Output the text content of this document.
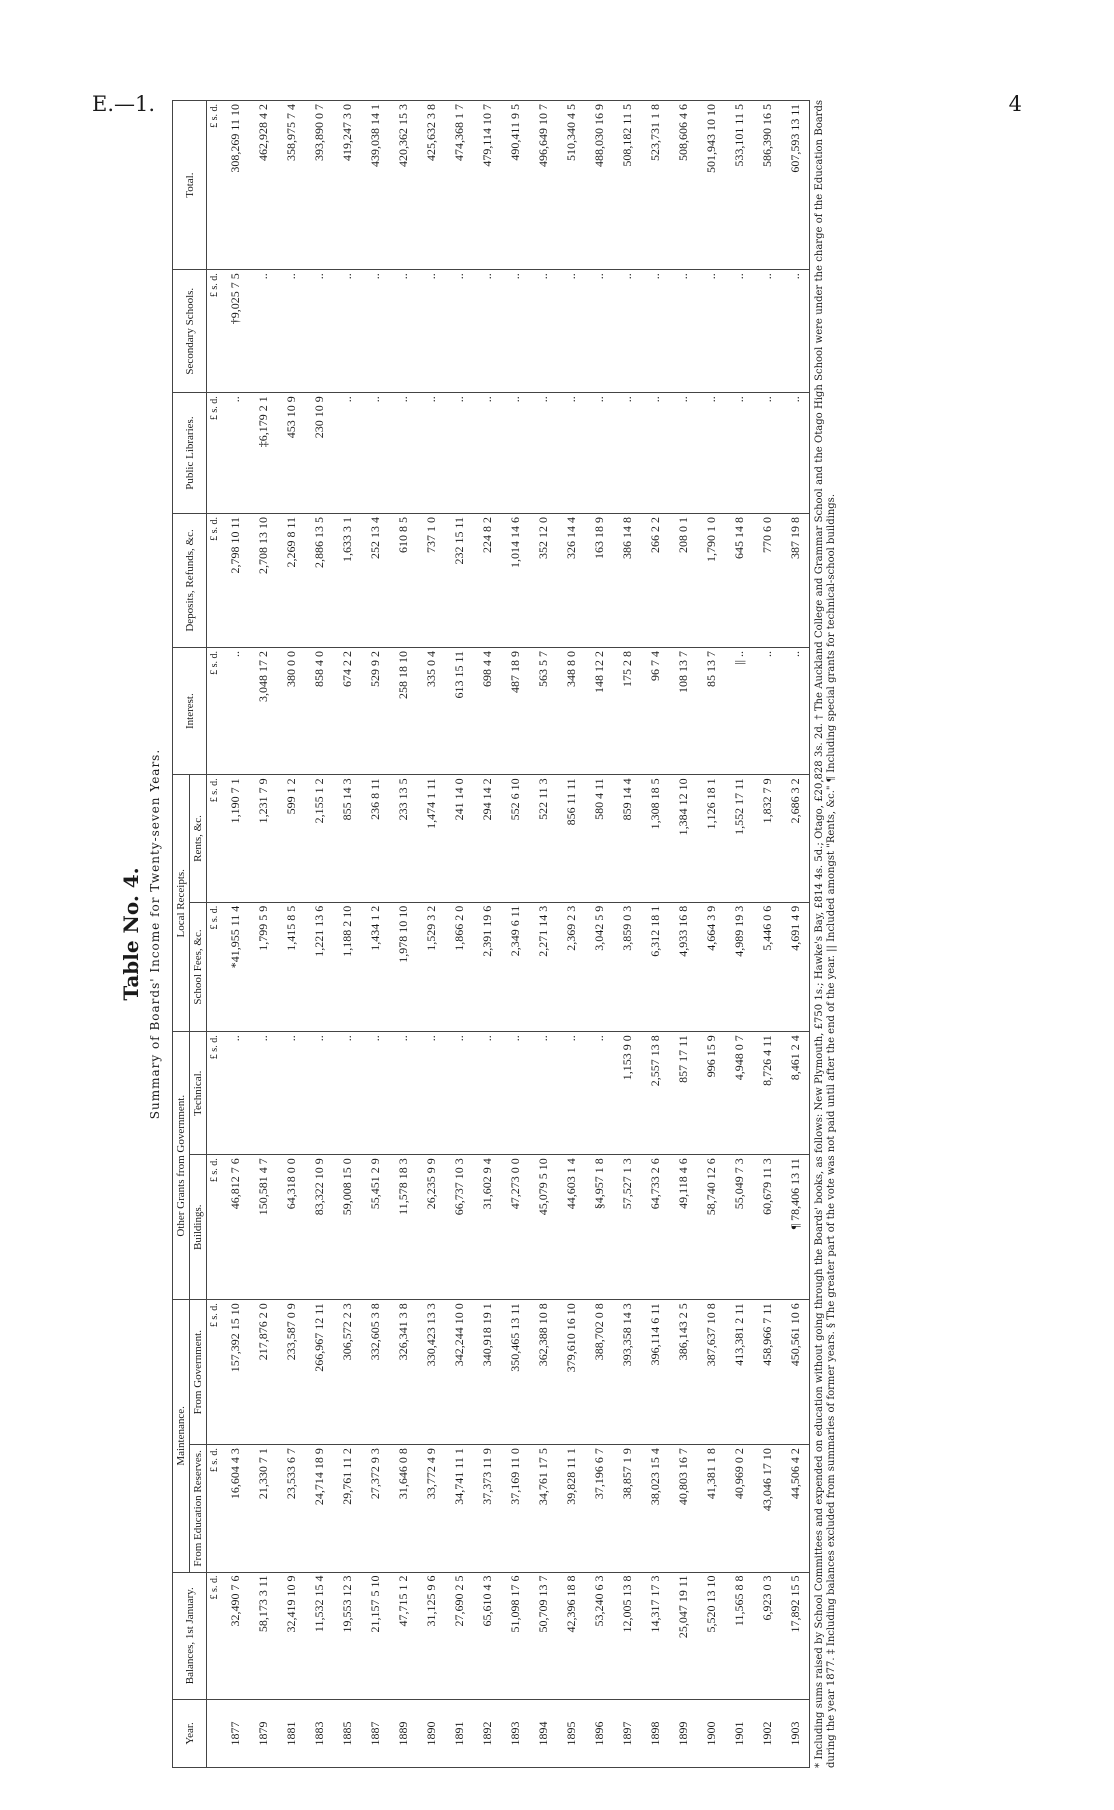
E.—1.	4
Table No. 4. Summary of Boards' Income for Twenty-seven Years.
Year.	Balances, 1st January.	Maintenance.		Other Grants from Government.		Local Receipts.		Interest.	Deposits, Refunds, &c.	Public Libraries.	Secondary Schools.	Total.
		From Education Reserves.	From Government.	Buildings.	Technical.	School Fees, &c.	Rents, &c.					
	£ s. d.	£ s. d.	£ s. d.	£ s. d.	£ s. d.	£ s. d.	£ s. d.	£ s. d.	£ s. d.	£ s. d.	£ s. d.	£ s. d.
1877	32,490 7 6	16,604 4 3	157,392 15 10	46,812 7 6	..	*41,955 11 4	1,190 7 1	..	2,798 10 11	..	†9,025 7 5	308,269 11 10
1879	58,173 3 11	21,330 7 1	217,876 2 0	150,581 4 7	..	1,799 5 9	1,231 7 9	3,048 17 2	2,708 13 10	‡6,179 2 1	..	462,928 4 2
1881	32,419 10 9	23,533 6 7	233,587 0 9	64,318 0 0	..	1,415 8 5	599 1 2	380 0 0	2,269 8 11	453 10 9	..	358,975 7 4
1883	11,532 15 4	24,714 18 9	266,967 12 11	83,322 10 9	..	1,221 13 6	2,155 1 2	858 4 0	2,886 13 5	230 10 9	..	393,890 0 7
1885	19,553 12 3	29,761 11 2	306,572 2 3	59,008 15 0	..	1,188 2 10	855 14 3	674 2 2	1,633 3 1	..	..	419,247 3 0
1887	21,157 5 10	27,372 9 3	332,605 3 8	55,451 2 9	..	1,434 1 2	236 8 11	529 9 2	252 13 4	..	..	439,038 14 1
1889	47,715 1 2	31,646 0 8	326,341 3 8	11,578 18 3	..	1,978 10 10	233 13 5	258 18 10	610 8 5	..	..	420,362 15 3
1890	31,125 9 6	33,772 4 9	330,423 13 3	26,235 9 9	..	1,529 3 2	1,474 1 11	335 0 4	737 1 0	..	..	425,632 3 8
1891	27,690 2 5	34,741 11 1	342,244 10 0	66,737 10 3	..	1,866 2 0	241 14 0	613 15 11	232 15 11	..	..	474,368 1 7
1892	65,610 4 3	37,373 11 9	340,918 19 1	31,602 9 4	..	2,391 19 6	294 14 2	698 4 4	224 8 2	..	..	479,114 10 7
1893	51,098 17 6	37,169 11 0	350,465 13 11	47,273 0 0	..	2,349 6 11	552 6 10	487 18 9	1,014 14 6	..	..	490,411 9 5
1894	50,709 13 7	34,761 17 5	362,388 10 8	45,079 5 10	..	2,271 14 3	522 11 3	563 5 7	352 12 0	..	..	496,649 10 7
1895	42,396 18 8	39,828 11 1	379,610 16 10	44,603 1 4	..	2,369 2 3	856 11 11	348 8 0	326 14 4	..	..	510,340 4 5
1896	53,240 6 3	37,196 6 7	388,702 0 8	§4,957 1 8	..	3,042 5 9	580 4 11	148 12 2	163 18 9	..	..	488,030 16 9
1897	12,005 13 8	38,857 1 9	393,358 14 3	57,527 1 3	1,153 9 0	3,859 0 3	859 14 4	175 2 8	386 14 8	..	..	508,182 11 5
1898	14,317 17 3	38,023 15 4	396,114 6 11	64,733 2 6	2,557 13 8	6,312 18 1	1,308 18 5	96 7 4	266 2 2	..	..	523,731 1 8
1899	25,047 19 11	40,803 16 7	386,143 2 5	49,118 4 6	857 17 11	4,933 16 8	1,384 12 10	108 13 7	208 0 1	..	..	508,606 4 6
1900	5,520 13 10	41,381 1 8	387,637 10 8	58,740 12 6	996 15 9	4,664 3 9	1,126 18 1	85 13 7	1,790 1 0	..	..	501,943 10 10
1901	11,565 8 8	40,969 0 2	413,381 2 11	55,049 7 3	4,948 0 7	4,989 19 3	1,552 17 11	|| ..	645 14 8	..	..	533,101 11 5
1902	6,923 0 3	43,046 17 10	458,966 7 11	60,679 11 3	8,726 4 11	5,446 0 6	1,832 7 9	..	770 6 0	..	..	586,390 16 5
1903	17,892 15 5	44,506 4 2	450,561 10 6	¶ 78,406 13 11	8,461 2 4	4,691 4 9	2,686 3 2	..	387 19 8	..	..	607,593 13 11 * Including sums raised by School Committees and expended on education without going through the Boards' books, as follows: New Plymouth, £750 1s.; Hawke's Bay, £814 4s. 5d.; Otago, £20,828 3s. 2d. † The Auckland College and Grammar School and the Otago High School were under the charge of the Education Boards during the year 1877. ‡ Including balances excluded from summaries of former years. § The greater part of the vote was not paid until after the end of the year. || Included amongst "Rents, &c." ¶ Including special grants for technical-school buildings.
